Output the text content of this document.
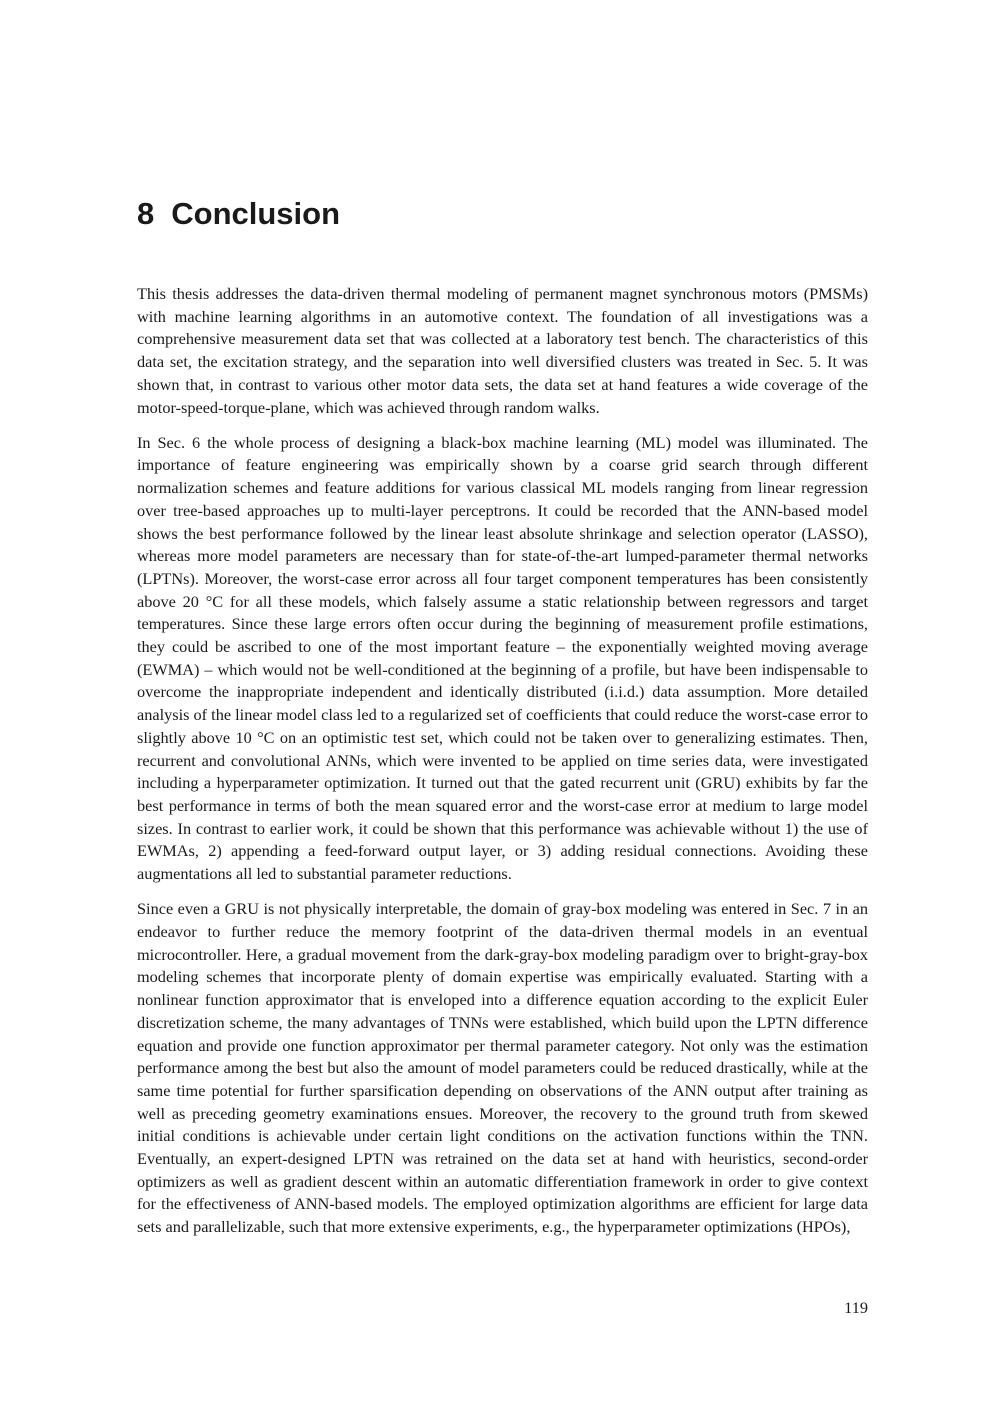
8 Conclusion

This thesis addresses the data-driven thermal modeling of permanent magnet synchronous motors (PMSMs) with machine learning algorithms in an automotive context. The foundation of all investigations was a comprehensive measurement data set that was collected at a laboratory test bench. The characteristics of this data set, the excitation strategy, and the separation into well diversified clusters was treated in Sec. 5. It was shown that, in contrast to various other motor data sets, the data set at hand features a wide coverage of the motor-speed-torque-plane, which was achieved through random walks.

In Sec. 6 the whole process of designing a black-box machine learning (ML) model was illuminated. The importance of feature engineering was empirically shown by a coarse grid search through different normalization schemes and feature additions for various classical ML models ranging from linear regression over tree-based approaches up to multi-layer perceptrons. It could be recorded that the ANN-based model shows the best performance followed by the linear least absolute shrinkage and selection operator (LASSO), whereas more model parameters are necessary than for state-of-the-art lumped-parameter thermal networks (LPTNs). Moreover, the worst-case error across all four target component temperatures has been consistently above 20 °C for all these models, which falsely assume a static relationship between regressors and target temperatures. Since these large errors often occur during the beginning of measurement profile estimations, they could be ascribed to one of the most important feature – the exponentially weighted moving average (EWMA) – which would not be well-conditioned at the beginning of a profile, but have been indispensable to overcome the inappropriate independent and identically distributed (i.i.d.) data assumption. More detailed analysis of the linear model class led to a regularized set of coefficients that could reduce the worst-case error to slightly above 10 °C on an optimistic test set, which could not be taken over to generalizing estimates. Then, recurrent and convolutional ANNs, which were invented to be applied on time series data, were investigated including a hyperparameter optimization. It turned out that the gated recurrent unit (GRU) exhibits by far the best performance in terms of both the mean squared error and the worst-case error at medium to large model sizes. In contrast to earlier work, it could be shown that this performance was achievable without 1) the use of EWMAs, 2) appending a feed-forward output layer, or 3) adding residual connections. Avoiding these augmentations all led to substantial parameter reductions.

Since even a GRU is not physically interpretable, the domain of gray-box modeling was entered in Sec. 7 in an endeavor to further reduce the memory footprint of the data-driven thermal models in an eventual microcontroller. Here, a gradual movement from the dark-gray-box modeling paradigm over to bright-gray-box modeling schemes that incorporate plenty of domain expertise was empirically evaluated. Starting with a nonlinear function approximator that is enveloped into a difference equation according to the explicit Euler discretization scheme, the many advantages of TNNs were established, which build upon the LPTN difference equation and provide one function approximator per thermal parameter category. Not only was the estimation performance among the best but also the amount of model parameters could be reduced drastically, while at the same time potential for further sparsification depending on observations of the ANN output after training as well as preceding geometry examinations ensues. Moreover, the recovery to the ground truth from skewed initial conditions is achievable under certain light conditions on the activation functions within the TNN. Eventually, an expert-designed LPTN was retrained on the data set at hand with heuristics, second-order optimizers as well as gradient descent within an automatic differentiation framework in order to give context for the effectiveness of ANN-based models. The employed optimization algorithms are efficient for large data sets and parallelizable, such that more extensive experiments, e.g., the hyperparameter optimizations (HPOs),

119
